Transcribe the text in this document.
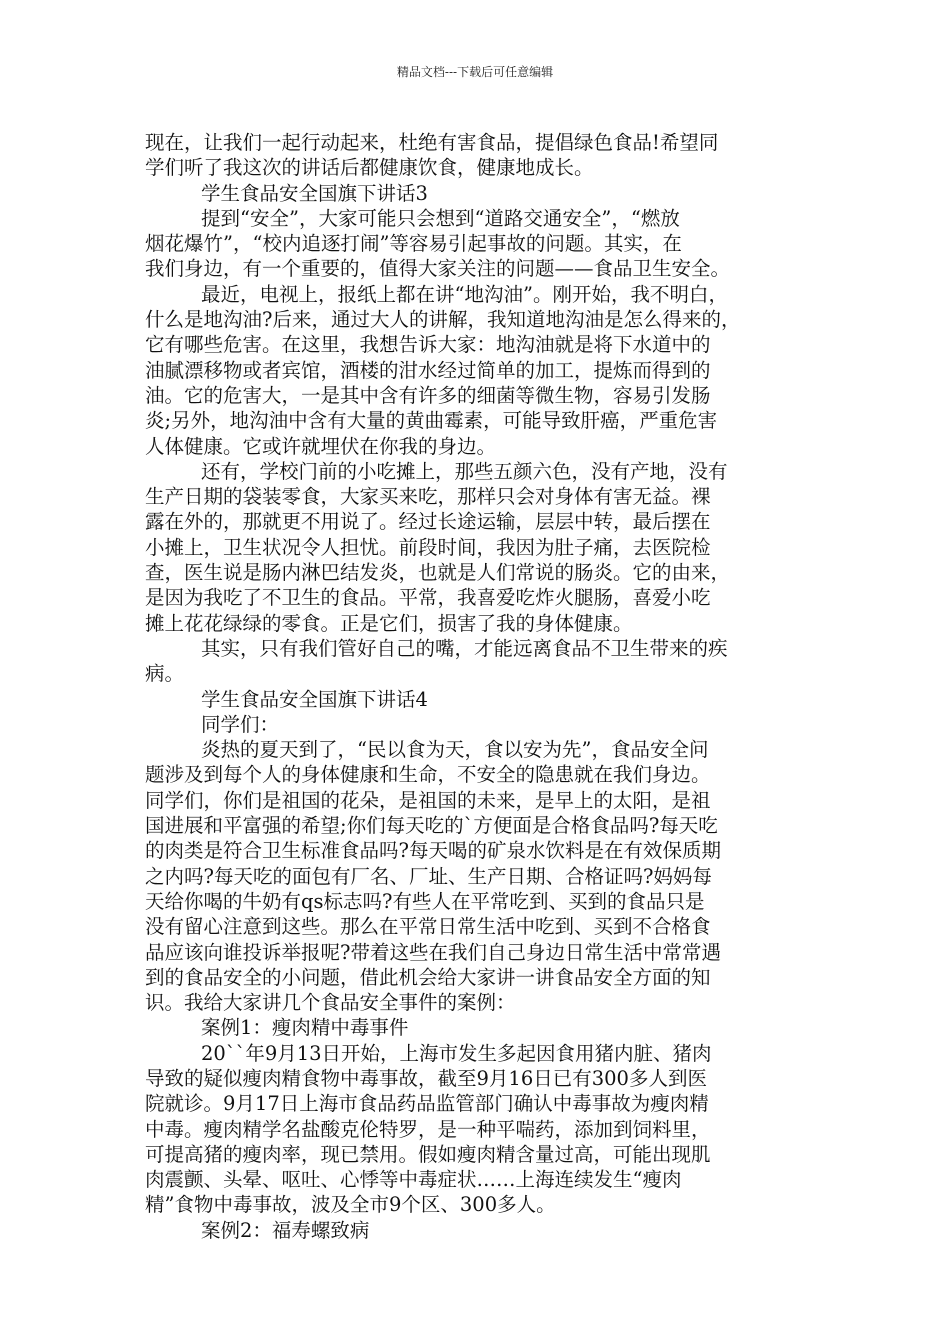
精品文档---下载后可任意编辑
现在，让我们一起行动起来，杜绝有害食品，提倡绿色食品!希望同
学们听了我这次的讲话后都健康饮食，健康地成长。
学生食品安全国旗下讲话3
提到“安全”，大家可能只会想到“道路交通安全”，“燃放
烟花爆竹”，“校内追逐打闹”等容易引起事故的问题。其实，在
我们身边，有一个重要的，值得大家关注的问题——食品卫生安全。
最近，电视上，报纸上都在讲“地沟油”。刚开始，我不明白，
什么是地沟油?后来，通过大人的讲解，我知道地沟油是怎么得来的，
它有哪些危害。在这里，我想告诉大家：地沟油就是将下水道中的
油腻漂移物或者宾馆，酒楼的泔水经过简单的加工，提炼而得到的
油。它的危害大，一是其中含有许多的细菌等微生物，容易引发肠
炎;另外，地沟油中含有大量的黄曲霉素，可能导致肝癌，严重危害
人体健康。它或许就埋伏在你我的身边。
还有，学校门前的小吃摊上，那些五颜六色，没有产地，没有
生产日期的袋装零食，大家买来吃，那样只会对身体有害无益。裸
露在外的，那就更不用说了。经过长途运输，层层中转，最后摆在
小摊上，卫生状况令人担忧。前段时间，我因为肚子痛，去医院检
查，医生说是肠内淋巴结发炎，也就是人们常说的肠炎。它的由来，
是因为我吃了不卫生的食品。平常，我喜爱吃炸火腿肠，喜爱小吃
摊上花花绿绿的零食。正是它们，损害了我的身体健康。
其实，只有我们管好自己的嘴，才能远离食品不卫生带来的疾
病。
学生食品安全国旗下讲话4
同学们：
炎热的夏天到了，“民以食为天，食以安为先”，食品安全问
题涉及到每个人的身体健康和生命，不安全的隐患就在我们身边。
同学们，你们是祖国的花朵，是祖国的未来，是早上的太阳，是祖
国进展和平富强的希望;你们每天吃的`方便面是合格食品吗?每天吃
的肉类是符合卫生标准食品吗?每天喝的矿泉水饮料是在有效保质期
之内吗?每天吃的面包有厂名、厂址、生产日期、合格证吗?妈妈每
天给你喝的牛奶有qs标志吗?有些人在平常吃到、买到的食品只是
没有留心注意到这些。那么在平常日常生活中吃到、买到不合格食
品应该向谁投诉举报呢?带着这些在我们自己身边日常生活中常常遇
到的食品安全的小问题，借此机会给大家讲一讲食品安全方面的知
识。我给大家讲几个食品安全事件的案例：
案例1：瘦肉精中毒事件
20``年9月13日开始，上海市发生多起因食用猪内脏、猪肉
导致的疑似瘦肉精食物中毒事故，截至9月16日已有300多人到医
院就诊。9月17日上海市食品药品监管部门确认中毒事故为瘦肉精
中毒。瘦肉精学名盐酸克伦特罗，是一种平喘药，添加到饲料里，
可提高猪的瘦肉率，现已禁用。假如瘦肉精含量过高，可能出现肌
肉震颤、头晕、呕吐、心悸等中毒症状……上海连续发生“瘦肉
精”食物中毒事故，波及全市9个区、300多人。
案例2：福寿螺致病
